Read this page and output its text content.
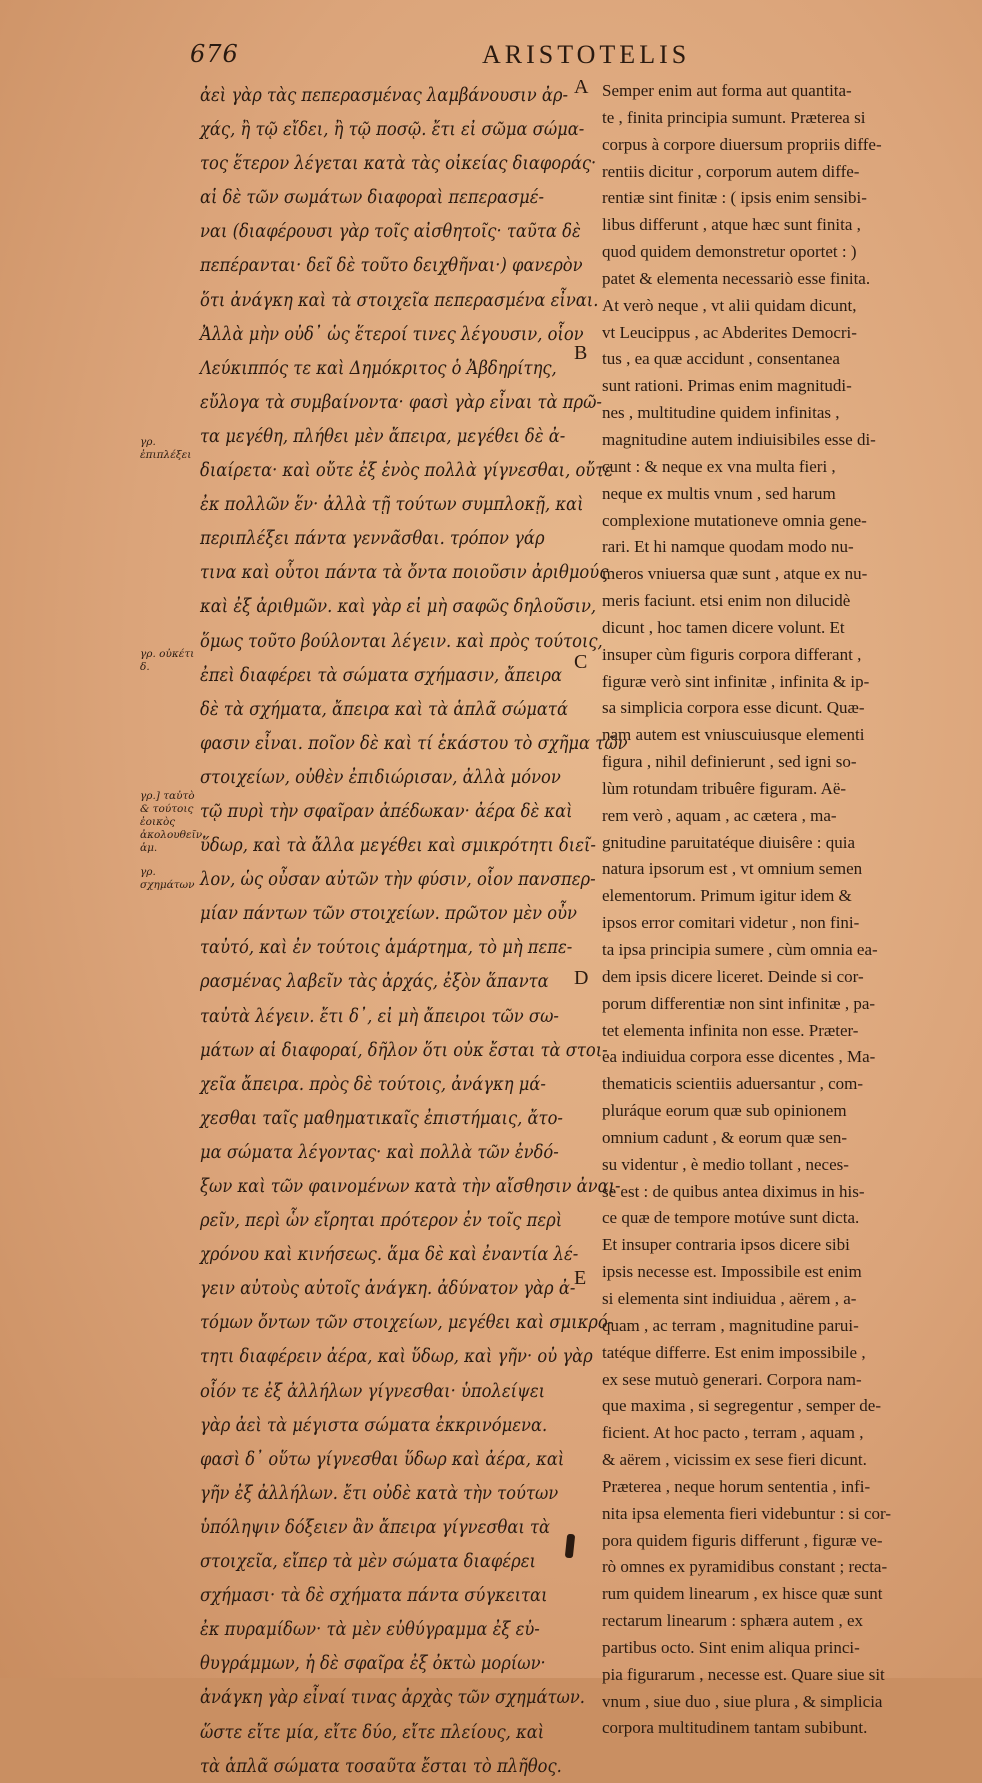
676	ARISTOTELIS
ἀεὶ γὰρ τὰς πεπερασμένας λαμβάνουσιν ἀρ-
χάς, ἢ τῷ εἴδει, ἢ τῷ ποσῷ. ἔτι εἰ σῶμα σώμα-
τος ἕτερον λέγεται κατὰ τὰς οἰκείας διαφοράς·
αἱ δὲ τῶν σωμάτων διαφοραὶ πεπερασμέ-
ναι (διαφέρουσι γὰρ τοῖς αἰσθητοῖς· ταῦτα δὲ
πεπέρανται· δεῖ δὲ τοῦτο δειχθῆναι·) φανερὸν
ὅτι ἀνάγκη καὶ τὰ στοιχεῖα πεπερασμένα εἶναι.
Ἀλλὰ μὴν οὐδ᾽ ὡς ἕτεροί τινες λέγουσιν, οἷον
Λεύκιππός τε καὶ Δημόκριτος ὁ Ἀβδηρίτης,
εὔλογα τὰ συμβαίνοντα· φασὶ γὰρ εἶναι τὰ πρῶ-
τα μεγέθη, πλήθει μὲν ἄπειρα, μεγέθει δὲ ἀ-
διαίρετα· καὶ οὔτε ἐξ ἑνὸς πολλὰ γίγνεσθαι, οὔτε
ἐκ πολλῶν ἕν· ἀλλὰ τῇ τούτων συμπλοκῇ, καὶ
περιπλέξει πάντα γεννᾶσθαι. τρόπον γάρ
τινα καὶ οὗτοι πάντα τὰ ὄντα ποιοῦσιν ἀριθμούς
καὶ ἐξ ἀριθμῶν. καὶ γὰρ εἰ μὴ σαφῶς δηλοῦσιν,
ὅμως τοῦτο βούλονται λέγειν. καὶ πρὸς τούτοις,
ἐπεὶ διαφέρει τὰ σώματα σχήμασιν, ἄπειρα
δὲ τὰ σχήματα, ἄπειρα καὶ τὰ ἁπλᾶ σώματά
φασιν εἶναι. ποῖον δὲ καὶ τί ἑκάστου τὸ σχῆμα τῶν
στοιχείων, οὐθὲν ἐπιδιώρισαν, ἀλλὰ μόνον
τῷ πυρὶ τὴν σφαῖραν ἀπέδωκαν· ἀέρα δὲ καὶ
ὕδωρ, καὶ τὰ ἄλλα μεγέθει καὶ σμικρότητι διεῖ-
λον, ὡς οὖσαν αὐτῶν τὴν φύσιν, οἷον πανσπερ-
μίαν πάντων τῶν στοιχείων. πρῶτον μὲν οὖν
ταὐτό, καὶ ἐν τούτοις ἁμάρτημα, τὸ μὴ πεπε-
ρασμένας λαβεῖν τὰς ἀρχάς, ἐξὸν ἅπαντα
ταὐτὰ λέγειν. ἔτι δ᾽, εἰ μὴ ἄπειροι τῶν σω-
μάτων αἱ διαφοραί, δῆλον ὅτι οὐκ ἔσται τὰ στοι-
χεῖα ἄπειρα. πρὸς δὲ τούτοις, ἀνάγκη μά-
χεσθαι ταῖς μαθηματικαῖς ἐπιστήμαις, ἄτο-
μα σώματα λέγοντας· καὶ πολλὰ τῶν ἐνδό-
ξων καὶ τῶν φαινομένων κατὰ τὴν αἴσθησιν ἀναι-
ρεῖν, περὶ ὧν εἴρηται πρότερον ἐν τοῖς περὶ
χρόνου καὶ κινήσεως. ἅμα δὲ καὶ ἐναντία λέ-
γειν αὐτοὺς αὐτοῖς ἀνάγκη. ἀδύνατον γὰρ ἀ-
τόμων ὄντων τῶν στοιχείων, μεγέθει καὶ σμικρό-
τητι διαφέρειν ἀέρα, καὶ ὕδωρ, καὶ γῆν· οὐ γὰρ
οἷόν τε ἐξ ἀλλήλων γίγνεσθαι· ὑπολείψει
γὰρ ἀεὶ τὰ μέγιστα σώματα ἐκκρινόμενα.
φασὶ δ᾽ οὕτω γίγνεσθαι ὕδωρ καὶ ἀέρα, καὶ
γῆν ἐξ ἀλλήλων. ἔτι οὐδὲ κατὰ τὴν τούτων
ὑπόληψιν δόξειεν ἂν ἄπειρα γίγνεσθαι τὰ
στοιχεῖα, εἴπερ τὰ μὲν σώματα διαφέρει
σχήμασι· τὰ δὲ σχήματα πάντα σύγκειται
ἐκ πυραμίδων· τὰ μὲν εὐθύγραμμα ἐξ εὐ-
θυγράμμων, ἡ δὲ σφαῖρα ἐξ ὀκτὼ μορίων·
ἀνάγκη γὰρ εἶναί τινας ἀρχὰς τῶν σχημάτων.
ὥστε εἴτε μία, εἴτε δύο, εἴτε πλείους, καὶ
τὰ ἁπλᾶ σώματα τοσαῦτα ἔσται τὸ πλῆθος.
A
B
C
D
E
Semper enim aut forma aut quantita-
te , finita principia sumunt. Præterea si
corpus à corpore diuersum propriis diffe-
rentiis dicitur , corporum autem diffe-
rentiæ sint finitæ : ( ipsis enim sensibi-
libus differunt , atque hæc sunt finita ,
quod quidem demonstretur oportet : )
patet & elementa necessariò esse finita.
At verò neque , vt alii quidam dicunt,
vt Leucippus , ac Abderites Democri-
tus , ea quæ accidunt , consentanea
sunt rationi. Primas enim magnitudi-
nes , multitudine quidem infinitas ,
magnitudine autem indiuisibiles esse di-
cunt : & neque ex vna multa fieri ,
neque ex multis vnum , sed harum
complexione mutationeve omnia gene-
rari. Et hi namque quodam modo nu-
meros vniuersa quæ sunt , atque ex nu-
meris faciunt. etsi enim non dilucidè
dicunt , hoc tamen dicere volunt. Et
insuper cùm figuris corpora differant ,
figuræ verò sint infinitæ , infinita & ip-
sa simplicia corpora esse dicunt. Quæ-
nam autem est vniuscuiusque elementi
figura , nihil definierunt , sed igni so-
lùm rotundam tribuêre figuram. Aë-
rem verò , aquam , ac cætera , ma-
gnitudine paruitatéque diuisêre : quia
natura ipsorum est , vt omnium semen
elementorum. Primum igitur idem &
ipsos error comitari videtur , non fini-
ta ipsa principia sumere , cùm omnia ea-
dem ipsis dicere liceret. Deinde si cor-
porum differentiæ non sint infinitæ , pa-
tet elementa infinita non esse. Præter-
ea indiuidua corpora esse dicentes , Ma-
thematicis scientiis aduersantur , com-
pluráque eorum quæ sub opinionem
omnium cadunt , & eorum quæ sen-
su videntur , è medio tollant , neces-
se est : de quibus antea diximus in his-
ce quæ de tempore motúve sunt dicta.
Et insuper contraria ipsos dicere sibi
ipsis necesse est. Impossibile est enim
si elementa sint indiuidua , aërem , a-
quam , ac terram , magnitudine parui-
tatéque differre. Est enim impossibile ,
ex sese mutuò generari. Corpora nam-
que maxima , si segregentur , semper de-
ficient. At hoc pacto , terram , aquam ,
& aërem , vicissim ex sese fieri dicunt.
Præterea , neque horum sententia , infi-
nita ipsa elementa fieri videbuntur : si cor-
pora quidem figuris differunt , figuræ ve-
rò omnes ex pyramidibus constant ; recta-
rum quidem linearum , ex hisce quæ sunt
rectarum linearum : sphæra autem , ex
partibus octo. Sint enim aliqua princi-
pia figurarum , necesse est. Quare siue sit
vnum , siue duo , siue plura , & simplicia
corpora multitudinem tantam subibunt.
γρ. ἐπιπλέξει
γρ. οὐκέτι δ.
γρ.] ταὐτὸ & τούτοις ἐοικὸς ἀκολουθεῖν ἁμ.
γρ. σχημάτων
